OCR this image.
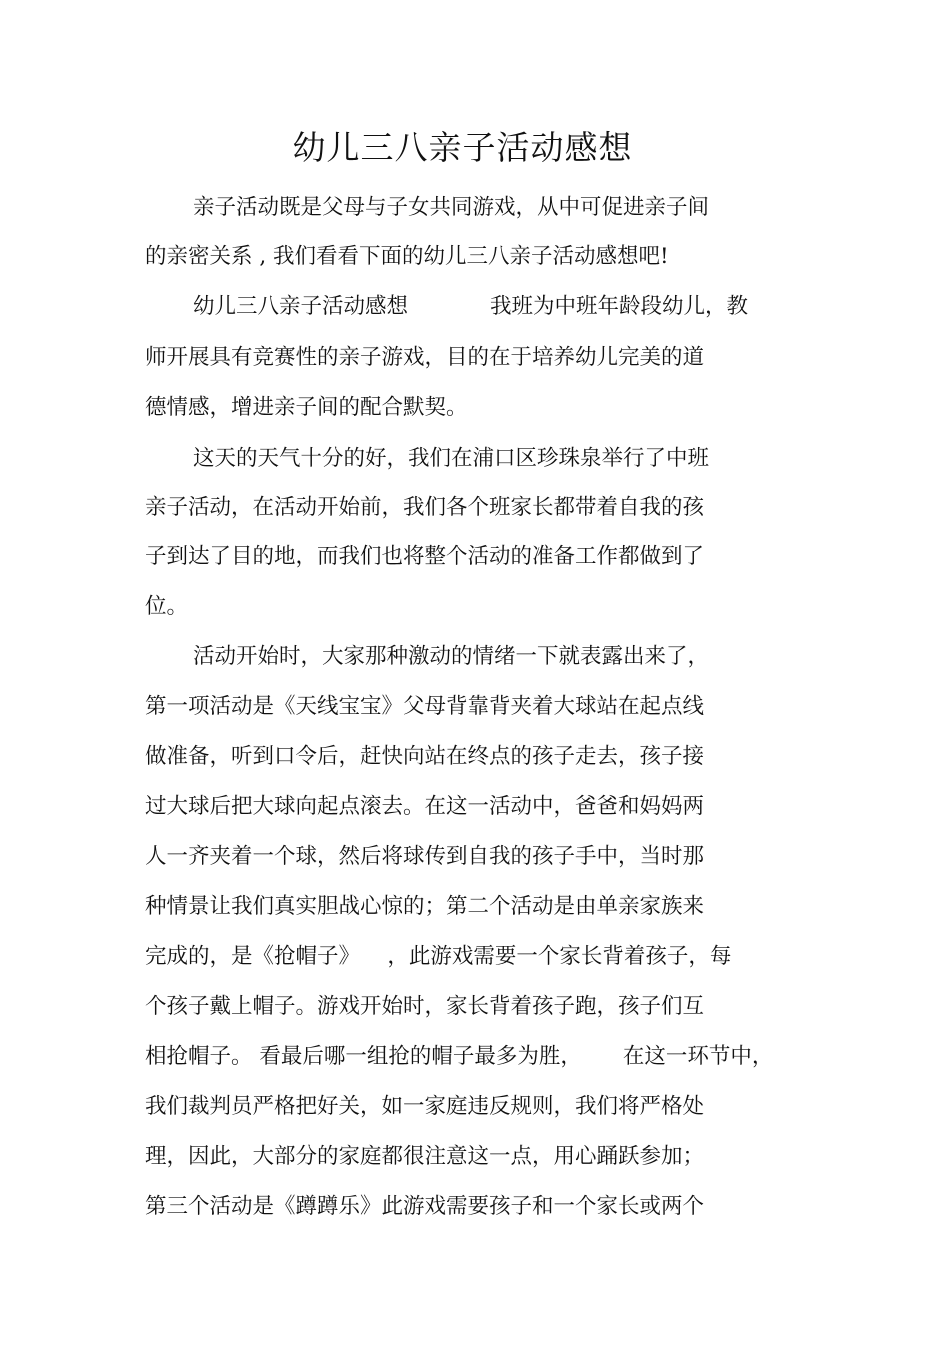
幼儿三八亲子活动感想
亲子活动既是父母与子女共同游戏，从中可促进亲子间
的亲密关系 , 我们看看下面的幼儿三八亲子活动感想吧!
幼儿三八亲子活动感想            我班为中班年龄段幼儿，教
师开展具有竞赛性的亲子游戏，目的在于培养幼儿完美的道
德情感，增进亲子间的配合默契。
这天的天气十分的好，我们在浦口区珍珠泉举行了中班
亲子活动，在活动开始前，我们各个班家长都带着自我的孩
子到达了目的地，而我们也将整个活动的准备工作都做到了
位。
活动开始时，大家那种激动的情绪一下就表露出来了，
第一项活动是《天线宝宝》父母背靠背夹着大球站在起点线
做准备，听到口令后，赶快向站在终点的孩子走去，孩子接
过大球后把大球向起点滚去。在这一活动中，爸爸和妈妈两
人一齐夹着一个球，然后将球传到自我的孩子手中，当时那
种情景让我们真实胆战心惊的；第二个活动是由单亲家族来
完成的，是《抢帽子》    ，此游戏需要一个家长背着孩子，每
个孩子戴上帽子。游戏开始时，家长背着孩子跑，孩子们互
相抢帽子。 看最后哪一组抢的帽子最多为胜，      在这一环节中，
我们裁判员严格把好关，如一家庭违反规则，我们将严格处
理，因此，大部分的家庭都很注意这一点，用心踊跃参加；
第三个活动是《蹲蹲乐》此游戏需要孩子和一个家长或两个
